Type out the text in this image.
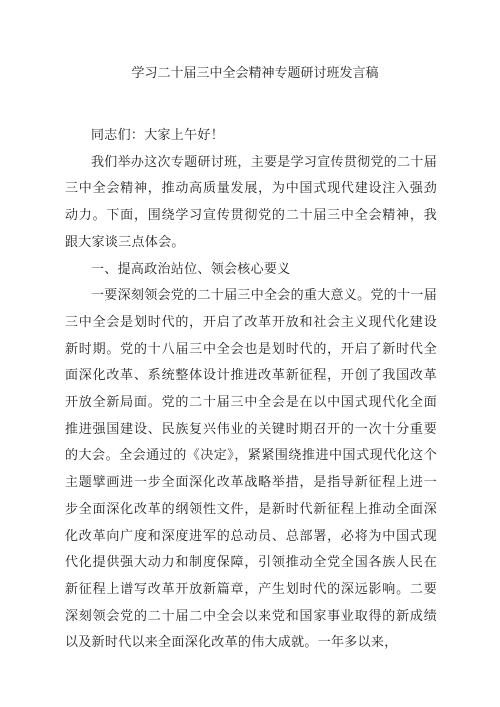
学习二十届三中全会精神专题研讨班发言稿

同志们：大家上午好！

我们举办这次专题研讨班，主要是学习宣传贯彻党的二十届三中全会精神，推动高质量发展，为中国式现代建设注入强劲动力。下面，围绕学习宣传贯彻党的二十届三中全会精神，我跟大家谈三点体会。

一、提高政治站位、领会核心要义

一要深刻领会党的二十届三中全会的重大意义。党的十一届三中全会是划时代的，开启了改革开放和社会主义现代化建设新时期。党的十八届三中全会也是划时代的，开启了新时代全面深化改革、系统整体设计推进改革新征程，开创了我国改革开放全新局面。党的二十届三中全会是在以中国式现代化全面推进强国建设、民族复兴伟业的关键时期召开的一次十分重要的大会。全会通过的《决定》，紧紧围绕推进中国式现代化这个主题擘画进一步全面深化改革战略举措，是指导新征程上进一步全面深化改革的纲领性文件，是新时代新征程上推动全面深化改革向广度和深度进军的总动员、总部署，必将为中国式现代化提供强大动力和制度保障，引领推动全党全国各族人民在新征程上谱写改革开放新篇章，产生划时代的深远影响。二要深刻领会党的二十届二中全会以来党和国家事业取得的新成绩以及新时代以来全面深化改革的伟大成就。一年多以来，
